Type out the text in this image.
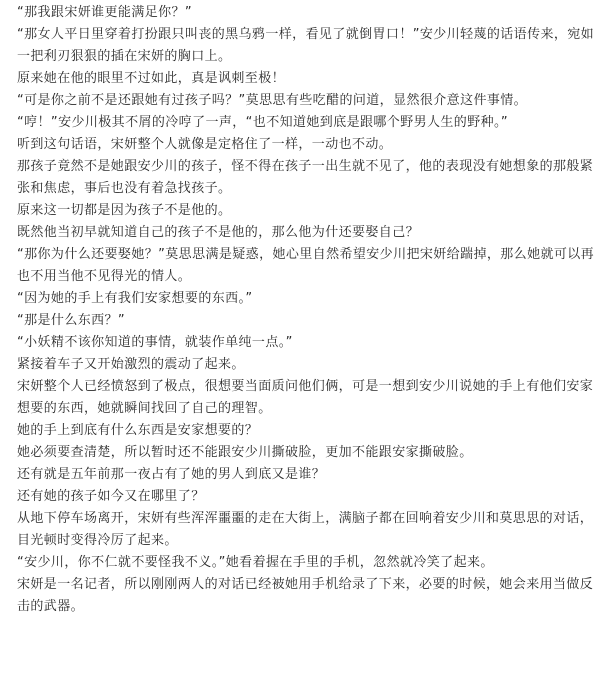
“那我跟宋妍谁更能满足你？”

“那女人平日里穿着打扮跟只叫丧的黑乌鸦一样，看见了就倒胃口！”安少川轻蔑的话语传来，宛如一把利刃狠狠的插在宋妍的胸口上。

原来她在他的眼里不过如此，真是讽刺至极！

“可是你之前不是还跟她有过孩子吗？”莫思思有些吃醋的问道，显然很介意这件事情。

“哼！”安少川极其不屑的冷哼了一声，“也不知道她到底是跟哪个野男人生的野种。”

听到这句话语，宋妍整个人就像是定格住了一样，一动也不动。

那孩子竟然不是她跟安少川的孩子，怪不得在孩子一出生就不见了，他的表现没有她想象的那般紧张和焦虑，事后也没有着急找孩子。

原来这一切都是因为孩子不是他的。

既然他当初早就知道自己的孩子不是他的，那么他为什还要娶自己？

“那你为什么还要娶她？”莫思思满是疑惑，她心里自然希望安少川把宋妍给踹掉，那么她就可以再也不用当他不见得光的情人。

“因为她的手上有我们安家想要的东西。”

“那是什么东西？”

“小妖精不该你知道的事情，就装作单纯一点。”

紧接着车子又开始激烈的震动了起来。

宋妍整个人已经愤怒到了极点，很想要当面质问他们俩，可是一想到安少川说她的手上有他们安家想要的东西，她就瞬间找回了自己的理智。

她的手上到底有什么东西是安家想要的？

她必须要查清楚，所以暂时还不能跟安少川撕破脸，更加不能跟安家撕破脸。

还有就是五年前那一夜占有了她的男人到底又是谁？

还有她的孩子如今又在哪里了？

从地下停车场离开，宋妍有些浑浑噩噩的走在大街上，满脑子都在回响着安少川和莫思思的对话，目光顿时变得冷厉了起来。

“安少川，你不仁就不要怪我不义。”她看着握在手里的手机，忽然就冷笑了起来。

宋妍是一名记者，所以刚刚两人的对话已经被她用手机给录了下来，必要的时候，她会来用当做反击的武器。
